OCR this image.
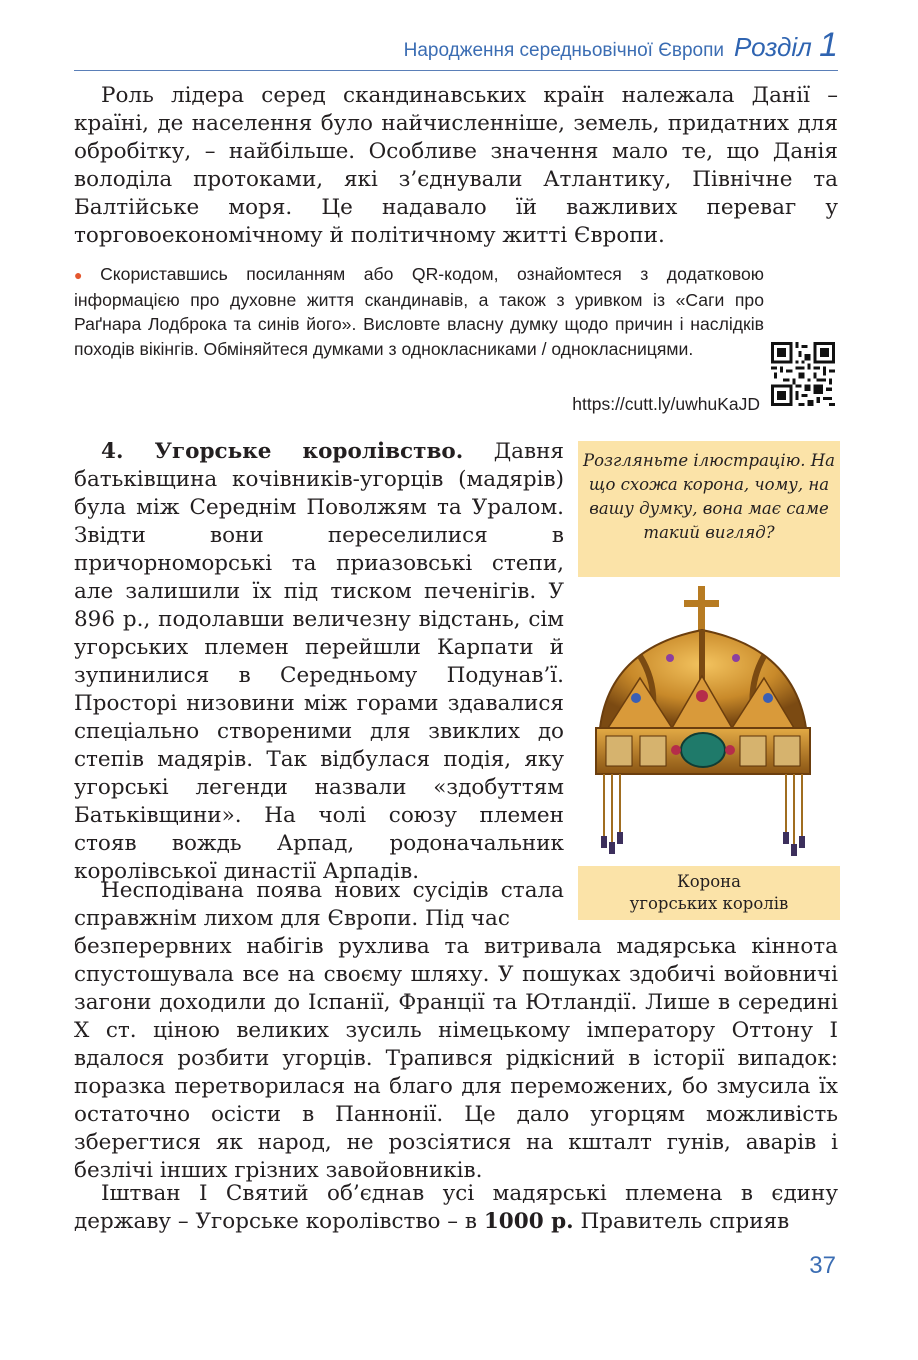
Народження середньовічної Європи Розділ 1

Роль лідера серед скандинавських країн належала Данії – країні, де населення було найчисленніше, земель, придатних для обробітку, – найбільше. Особливе значення мало те, що Данія володіла протоками, які з’єднували Атлантику, Північне та Балтійське моря. Це надавало їй важливих переваг у торговоекономічному й політичному житті Європи.

● Скориставшись посиланням або QR-кодом, ознайомтеся з додатковою інформацією про духовне життя скандинавів, а також з уривком із «Саги про Раґнара Лодброка та синів його». Висловте власну думку щодо причин і наслідків походів вікінгів. Обміняйтеся думками з однокласниками / однокласницями.

https://cutt.ly/uwhuKaJD

4. Угорське королівство. Давня батьківщина кочівників-угорців (мадярів) була між Середнім Поволжям та Уралом. Звідти вони переселилися в причорноморські та приазовські степи, але залишили їх під тиском печенігів. У 896 р., подолавши величезну відстань, сім угорських племен перейшли Карпати й зупинилися в Середньому Подунав’ї. Просторі низовини між горами здавалися спеціально створеними для звиклих до степів мадярів. Так відбулася подія, яку угорські легенди назвали «здобуттям Батьківщини». На чолі союзу племен стояв вождь Арпад, родоначальник королівської династії Арпадів.

Несподівана поява нових сусідів стала справжнім лихом для Європи. Під час

безперервних набігів рухлива та витривала мадярська кіннота спустошувала все на своєму шляху. У пошуках здобичі войовничі загони доходили до Іспанії, Франції та Ютландії. Лише в середині X ст. ціною великих зусиль німецькому імператору Оттону I вдалося розбити угорців. Трапився рідкісний в історії випадок: поразка перетворилася на благо для переможених, бо змусила їх остаточно осісти в Паннонії. Це дало угорцям можливість зберегтися як народ, не розсіятися на кшталт гунів, аварів і безлічі інших грізних завойовників.

Іштван I Святий об’єднав усі мадярські племена в єдину державу – Угорське королівство – в 1000 р. Правитель сприяв

Розгляньте ілюстрацію. На що схожа корона, чому, на вашу думку, вона має саме такий вигляд?
Корона
угорських королів
37
